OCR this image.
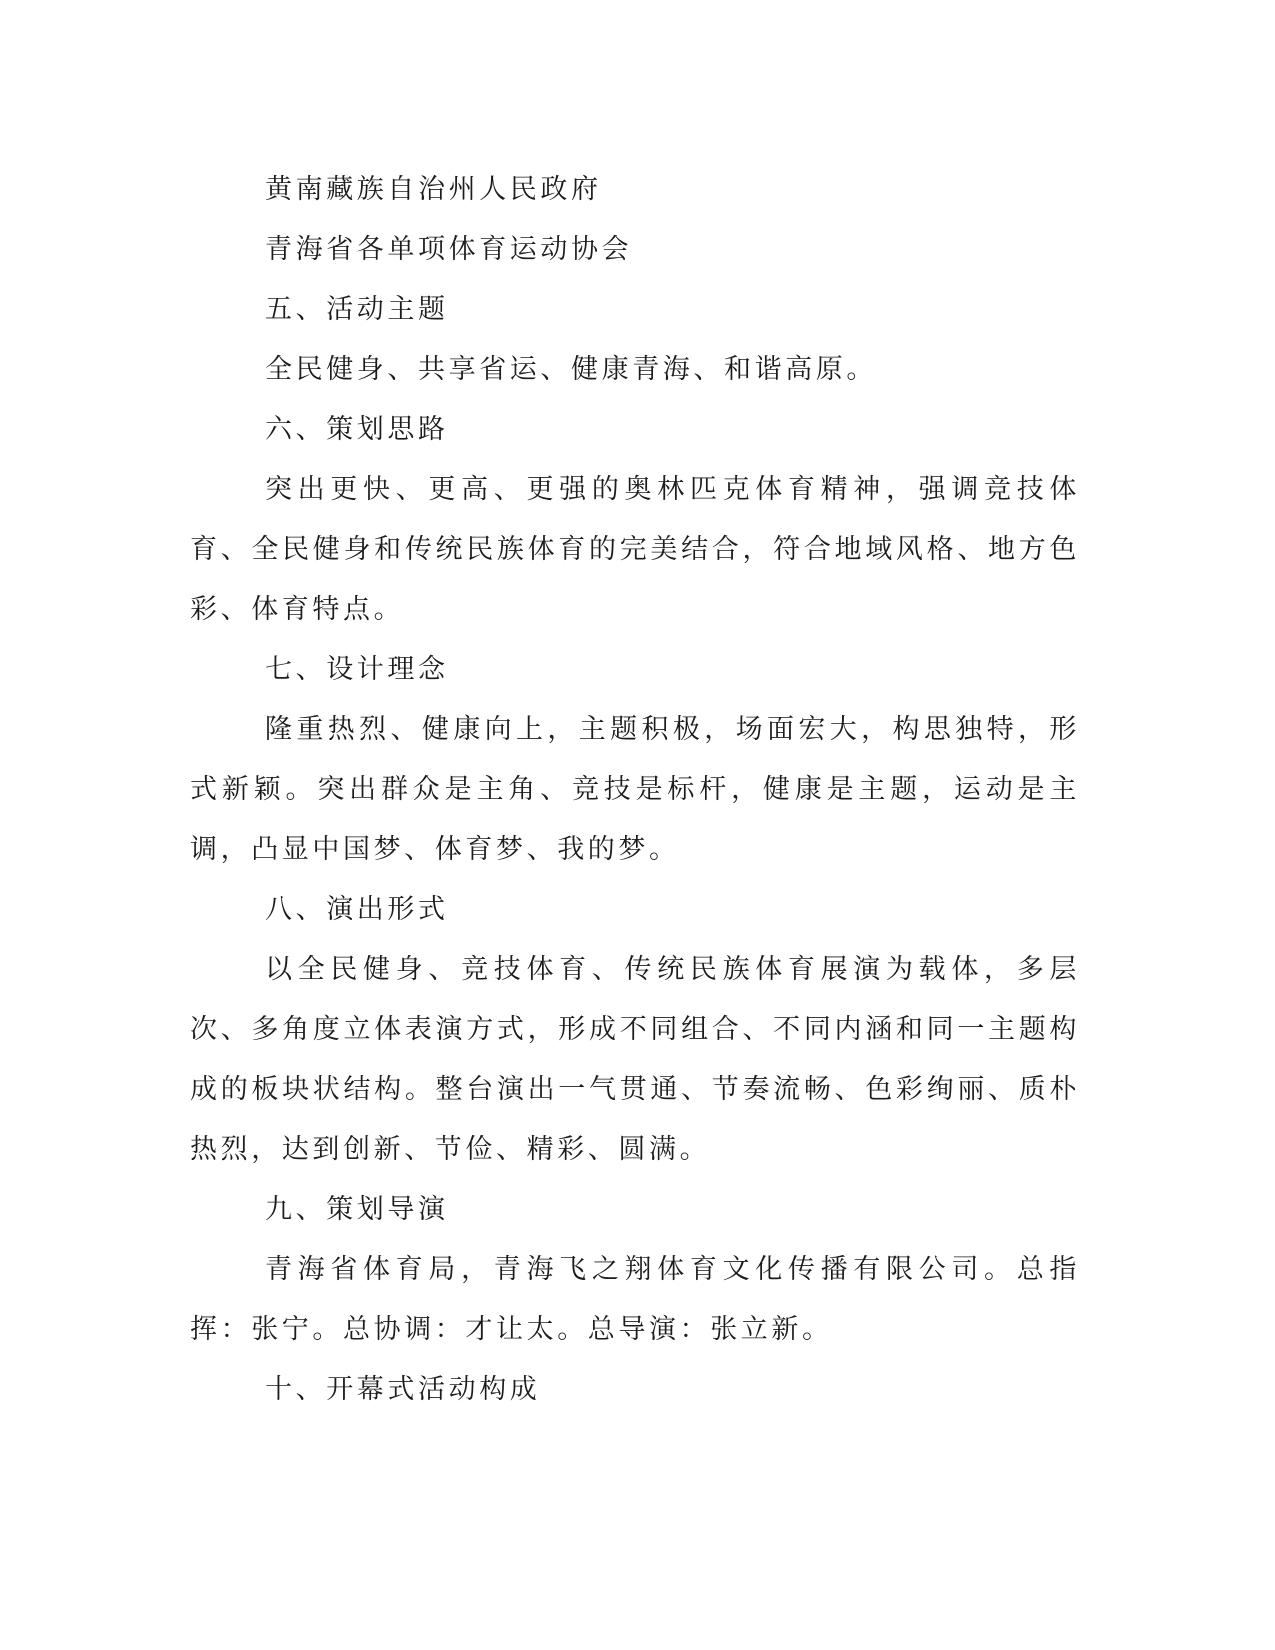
黄南藏族自治州人民政府

青海省各单项体育运动协会

五、活动主题

全民健身、共享省运、健康青海、和谐高原。

六、策划思路

突出更快、更高、更强的奥林匹克体育精神，强调竞技体育、全民健身和传统民族体育的完美结合，符合地域风格、地方色彩、体育特点。

七、设计理念

隆重热烈、健康向上，主题积极，场面宏大，构思独特，形式新颖。突出群众是主角、竞技是标杆，健康是主题，运动是主调，凸显中国梦、体育梦、我的梦。

八、演出形式

以全民健身、竞技体育、传统民族体育展演为载体，多层次、多角度立体表演方式，形成不同组合、不同内涵和同一主题构成的板块状结构。整台演出一气贯通、节奏流畅、色彩绚丽、质朴热烈，达到创新、节俭、精彩、圆满。

九、策划导演

青海省体育局，青海飞之翔体育文化传播有限公司。总指挥：张宁。总协调：才让太。总导演：张立新。

十、开幕式活动构成
